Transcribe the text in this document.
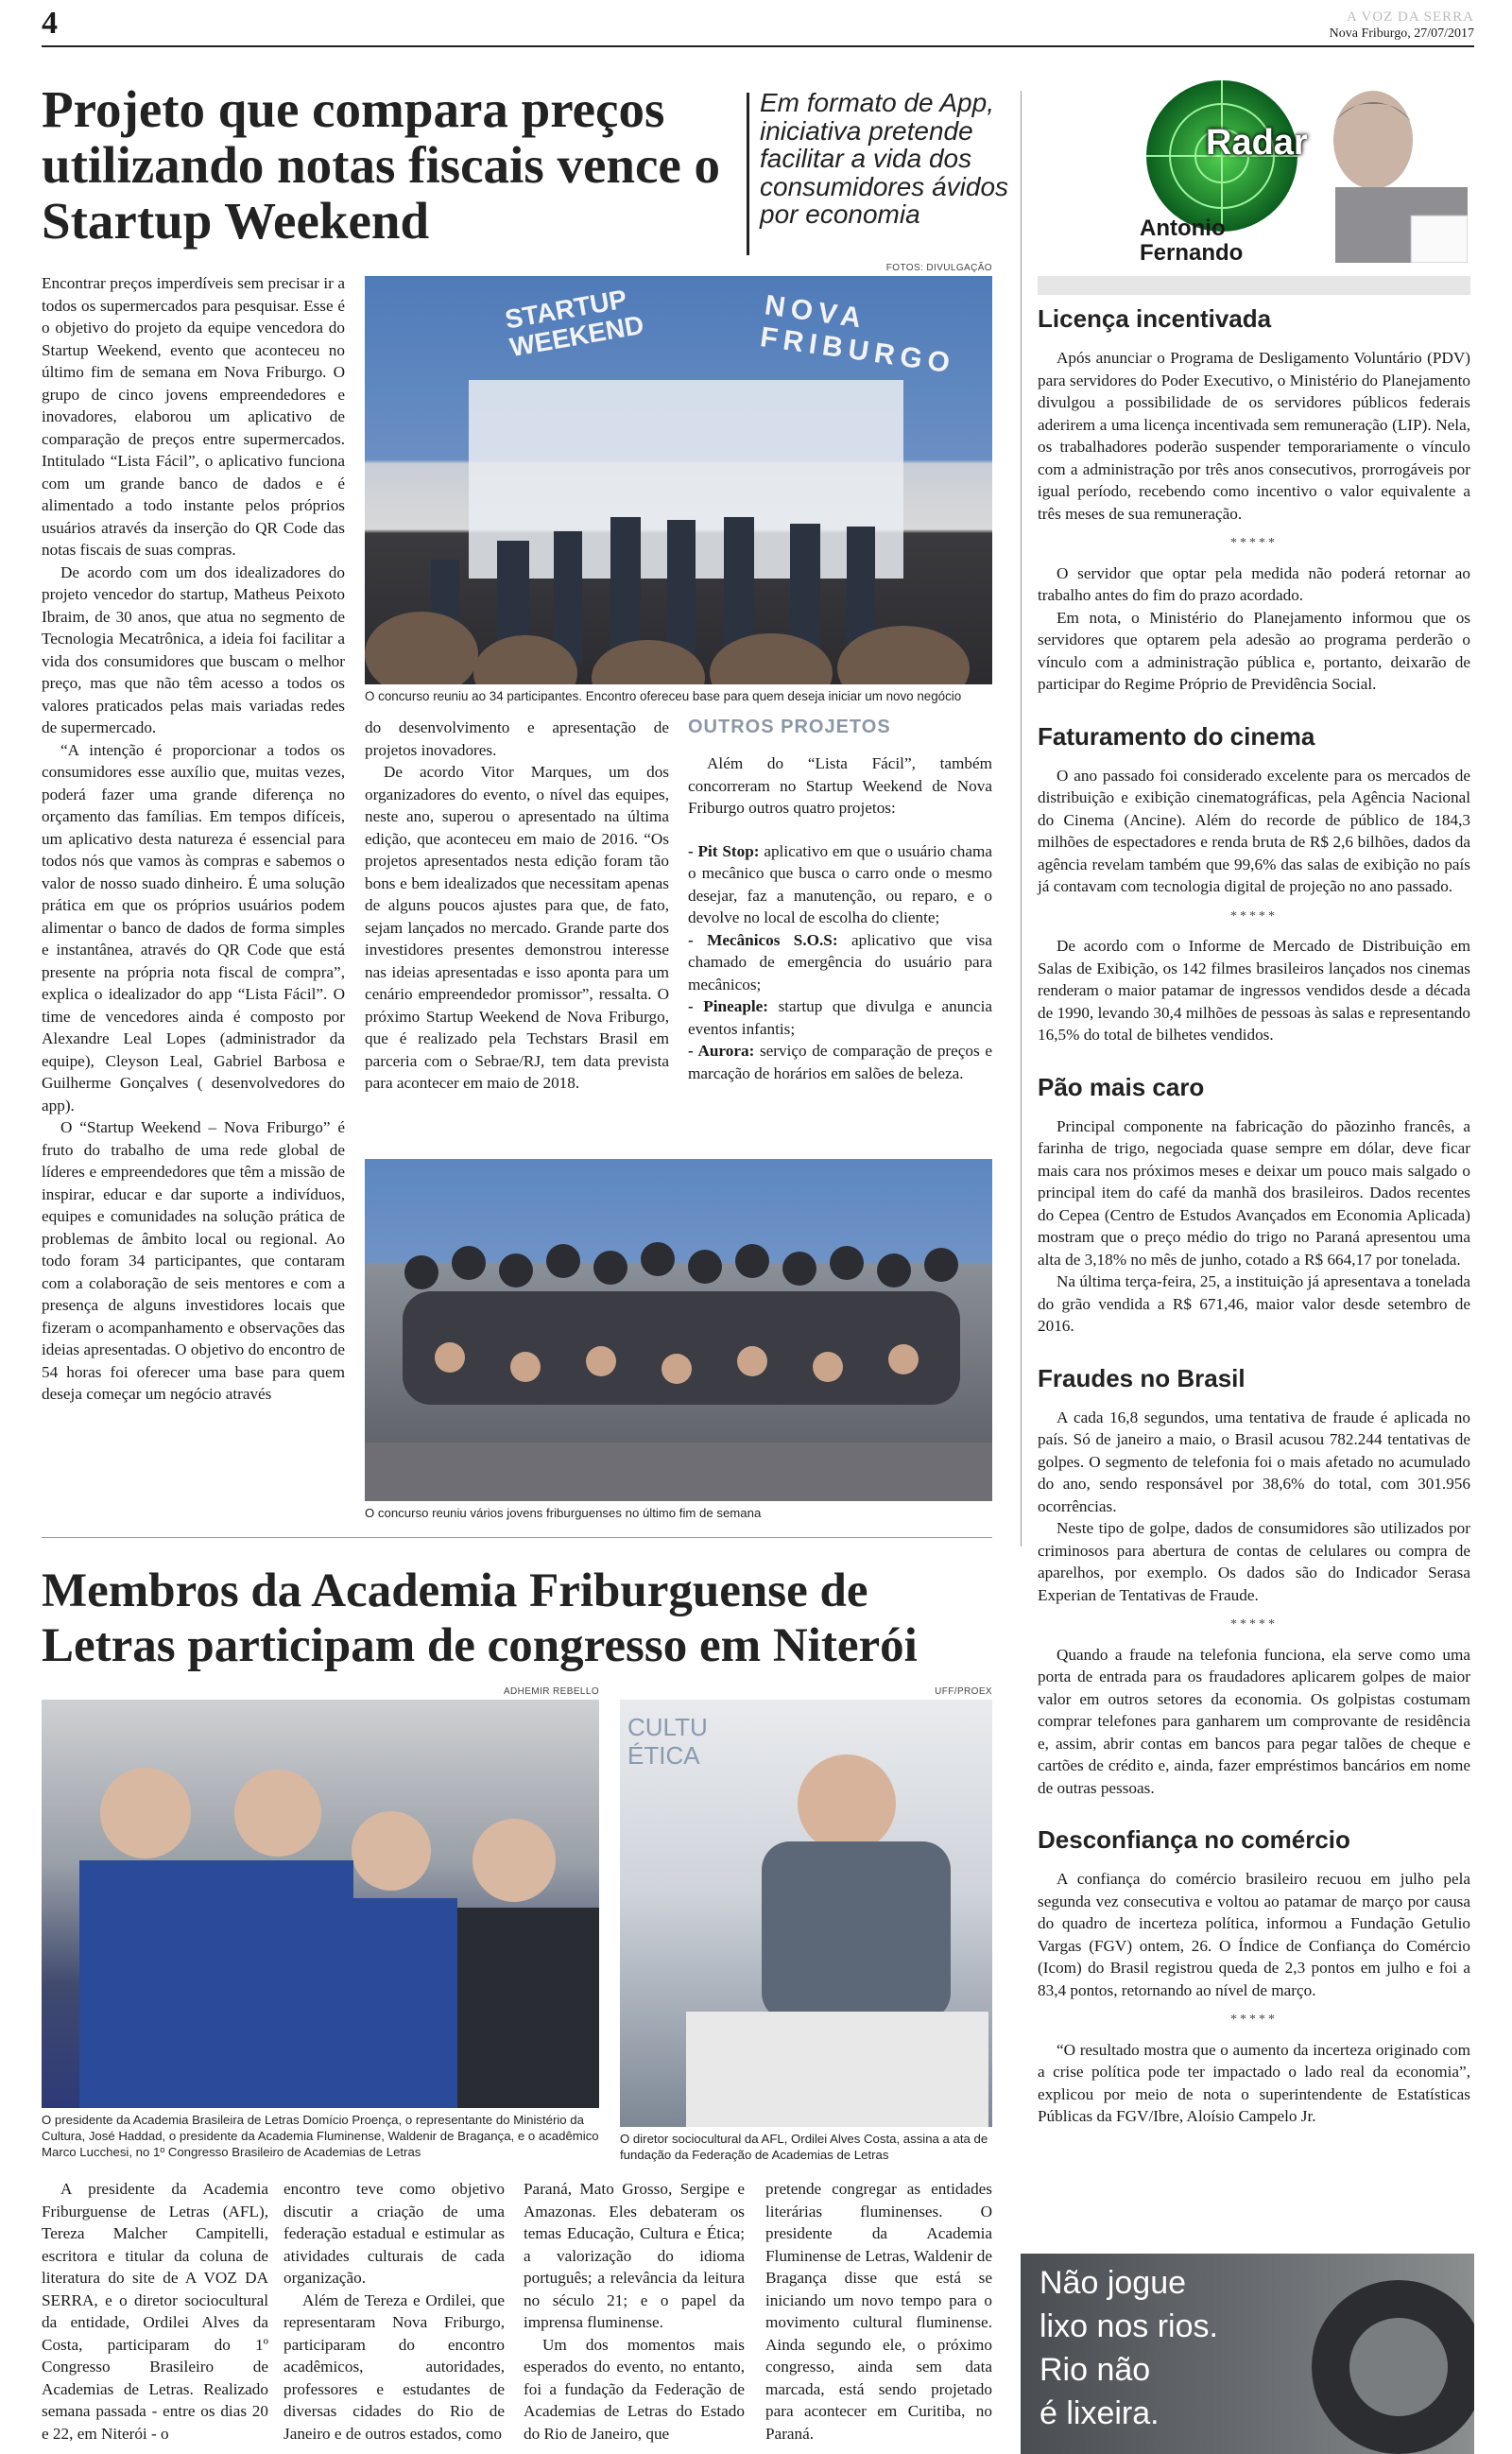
4	A VOZ DA SERRA
Nova Friburgo, 27/07/2017
Projeto que compara preços utilizando notas fiscais vence o Startup Weekend
Em formato de App, iniciativa pretende facilitar a vida dos consumidores ávidos por economia

Encontrar preços imperdíveis sem precisar ir a todos os supermercados para pesquisar. Esse é o objetivo do projeto da equipe vencedora do Startup Weekend, evento que aconteceu no último fim de semana em Nova Friburgo. O grupo de cinco jovens empreendedores e inovadores, elaborou um aplicativo de comparação de preços entre supermercados. Intitulado “Lista Fácil”, o aplicativo funciona com um grande banco de dados e é alimentado a todo instante pelos próprios usuários através da inserção do QR Code das notas fiscais de suas compras.

De acordo com um dos idealizadores do projeto vencedor do startup, Matheus Peixoto Ibraim, de 30 anos, que atua no segmento de Tecnologia Mecatrônica, a ideia foi facilitar a vida dos consumidores que buscam o melhor preço, mas que não têm acesso a todos os valores praticados pelas mais variadas redes de supermercado.

“A intenção é proporcionar a todos os consumidores esse auxílio que, muitas vezes, poderá fazer uma grande diferença no orçamento das famílias. Em tempos difíceis, um aplicativo desta natureza é essencial para todos nós que vamos às compras e sabemos o valor de nosso suado dinheiro. É uma solução prática em que os próprios usuários podem alimentar o banco de dados de forma simples e instantânea, através do QR Code que está presente na própria nota fiscal de compra”, explica o idealizador do app “Lista Fácil”. O time de vencedores ainda é composto por Alexandre Leal Lopes (administrador da equipe), Cleyson Leal, Gabriel Barbosa e Guilherme Gonçalves ( desenvolvedores do app).

O “Startup Weekend – Nova Friburgo” é fruto do trabalho de uma rede global de líderes e empreendedores que têm a missão de inspirar, educar e dar suporte a indivíduos, equipes e comunidades na solução prática de problemas de âmbito local ou regional. Ao todo foram 34 participantes, que contaram com a colaboração de seis mentores e com a presença de alguns investidores locais que fizeram o acompanhamento e observações das ideias apresentadas. O objetivo do encontro de 54 horas foi oferecer uma base para quem deseja começar um negócio através

FOTOS: DIVULGAÇÃO
STARTUP WEEKEND	NOVA FRIBURGO
O concurso reuniu ao 34 participantes. Encontro ofereceu base para quem deseja iniciar um novo negócio

do desenvolvimento e apresentação de projetos inovadores.

De acordo Vitor Marques, um dos organizadores do evento, o nível das equipes, neste ano, superou o apresentado na última edição, que aconteceu em maio de 2016. “Os projetos apresentados nesta edição foram tão bons e bem idealizados que necessitam apenas de alguns poucos ajustes para que, de fato, sejam lançados no mercado. Grande parte dos investidores presentes demonstrou interesse nas ideias apresentadas e isso aponta para um cenário empreendedor promissor”, ressalta. O próximo Startup Weekend de Nova Friburgo, que é realizado pela Techstars Brasil em parceria com o Sebrae/RJ, tem data prevista para acontecer em maio de 2018.

OUTROS PROJETOS

Além do “Lista Fácil”, também concorreram no Startup Weekend de Nova Friburgo outros quatro projetos:

- Pit Stop: aplicativo em que o usuário chama o mecânico que busca o carro onde o mesmo desejar, faz a manutenção, ou reparo, e o devolve no local de escolha do cliente;

- Mecânicos S.O.S: aplicativo que visa chamado de emergência do usuário para mecânicos;

- Pineaple: startup que divulga e anuncia eventos infantis;

- Aurora: serviço de comparação de preços e marcação de horários em salões de beleza.

O concurso reuniu vários jovens friburguenses no último fim de semana
Membros da Academia Friburguense de Letras participam de congresso em Niterói
ADHEMIR REBELLO
O presidente da Academia Brasileira de Letras Domício Proença, o representante do Ministério da Cultura, José Haddad, o presidente da Academia Fluminense, Waldenir de Bragança, e o acadêmico Marco Lucchesi, no 1º Congresso Brasileiro de Academias de Letras
UFF/PROEX
CULTU ÉTICA
O diretor sociocultural da AFL, Ordilei Alves Costa, assina a ata de fundação da Federação de Academias de Letras

A presidente da Academia Friburguense de Letras (AFL), Tereza Malcher Campitelli, escritora e titular da coluna de literatura do site de A VOZ DA SERRA, e o diretor sociocultural da entidade, Ordilei Alves da Costa, participaram do 1º Congresso Brasileiro de Academias de Letras. Realizado semana passada - entre os dias 20 e 22, em Niterói - o

encontro teve como objetivo discutir a criação de uma federação estadual e estimular as atividades culturais de cada organização.

Além de Tereza e Ordilei, que representaram Nova Friburgo, participaram do encontro acadêmicos, autoridades, professores e estudantes de diversas cidades do Rio de Janeiro e de outros estados, como

Paraná, Mato Grosso, Sergipe e Amazonas. Eles debateram os temas Educação, Cultura e Ética; a valorização do idioma português; a relevância da leitura no século 21; e o papel da imprensa fluminense.

Um dos momentos mais esperados do evento, no entanto, foi a fundação da Federação de Academias de Letras do Estado do Rio de Janeiro, que

pretende congregar as entidades literárias fluminenses. O presidente da Academia Fluminense de Letras, Waldenir de Bragança disse que está se iniciando um novo tempo para o movimento cultural fluminense. Ainda segundo ele, o próximo congresso, ainda sem data marcada, está sendo projetado para acontecer em Curitiba, no Paraná.

Radar
Antonio
Fernando
Licença incentivada

Após anunciar o Programa de Desligamento Voluntário (PDV) para servidores do Poder Executivo, o Ministério do Planejamento divulgou a possibilidade de os servidores públicos federais aderirem a uma licença incentivada sem remuneração (LIP). Nela, os trabalhadores poderão suspender temporariamente o vínculo com a administração por três anos consecutivos, prorrogáveis por igual período, recebendo como incentivo o valor equivalente a três meses de sua remuneração.

*****

O servidor que optar pela medida não poderá retornar ao trabalho antes do fim do prazo acordado.

Em nota, o Ministério do Planejamento informou que os servidores que optarem pela adesão ao programa perderão o vínculo com a administração pública e, portanto, deixarão de participar do Regime Próprio de Previdência Social.

Faturamento do cinema

O ano passado foi considerado excelente para os mercados de distribuição e exibição cinematográficas, pela Agência Nacional do Cinema (Ancine). Além do recorde de público de 184,3 milhões de espectadores e renda bruta de R$ 2,6 bilhões, dados da agência revelam também que 99,6% das salas de exibição no país já contavam com tecnologia digital de projeção no ano passado.

*****

De acordo com o Informe de Mercado de Distribuição em Salas de Exibição, os 142 filmes brasileiros lançados nos cinemas renderam o maior patamar de ingressos vendidos desde a década de 1990, levando 30,4 milhões de pessoas às salas e representando 16,5% do total de bilhetes vendidos.

Pão mais caro

Principal componente na fabricação do pãozinho francês, a farinha de trigo, negociada quase sempre em dólar, deve ficar mais cara nos próximos meses e deixar um pouco mais salgado o principal item do café da manhã dos brasileiros. Dados recentes do Cepea (Centro de Estudos Avançados em Economia Aplicada) mostram que o preço médio do trigo no Paraná apresentou uma alta de 3,18% no mês de junho, cotado a R$ 664,17 por tonelada.

Na última terça-feira, 25, a instituição já apresentava a tonelada do grão vendida a R$ 671,46, maior valor desde setembro de 2016.

Fraudes no Brasil

A cada 16,8 segundos, uma tentativa de fraude é aplicada no país. Só de janeiro a maio, o Brasil acusou 782.244 tentativas de golpes. O segmento de telefonia foi o mais afetado no acumulado do ano, sendo responsável por 38,6% do total, com 301.956 ocorrências.

Neste tipo de golpe, dados de consumidores são utilizados por criminosos para abertura de contas de celulares ou compra de aparelhos, por exemplo. Os dados são do Indicador Serasa Experian de Tentativas de Fraude.

*****

Quando a fraude na telefonia funciona, ela serve como uma porta de entrada para os fraudadores aplicarem golpes de maior valor em outros setores da economia. Os golpistas costumam comprar telefones para ganharem um comprovante de residência e, assim, abrir contas em bancos para pegar talões de cheque e cartões de crédito e, ainda, fazer empréstimos bancários em nome de outras pessoas.

Desconfiança no comércio

A confiança do comércio brasileiro recuou em julho pela segunda vez consecutiva e voltou ao patamar de março por causa do quadro de incerteza política, informou a Fundação Getulio Vargas (FGV) ontem, 26. O Índice de Confiança do Comércio (Icom) do Brasil registrou queda de 2,3 pontos em julho e foi a 83,4 pontos, retornando ao nível de março.

*****

“O resultado mostra que o aumento da incerteza originado com a crise política pode ter impactado o lado real da economia”, explicou por meio de nota o superintendente de Estatísticas Públicas da FGV/Ibre, Aloísio Campelo Jr.

Não jogue
lixo nos rios.
Rio não
é lixeira.
